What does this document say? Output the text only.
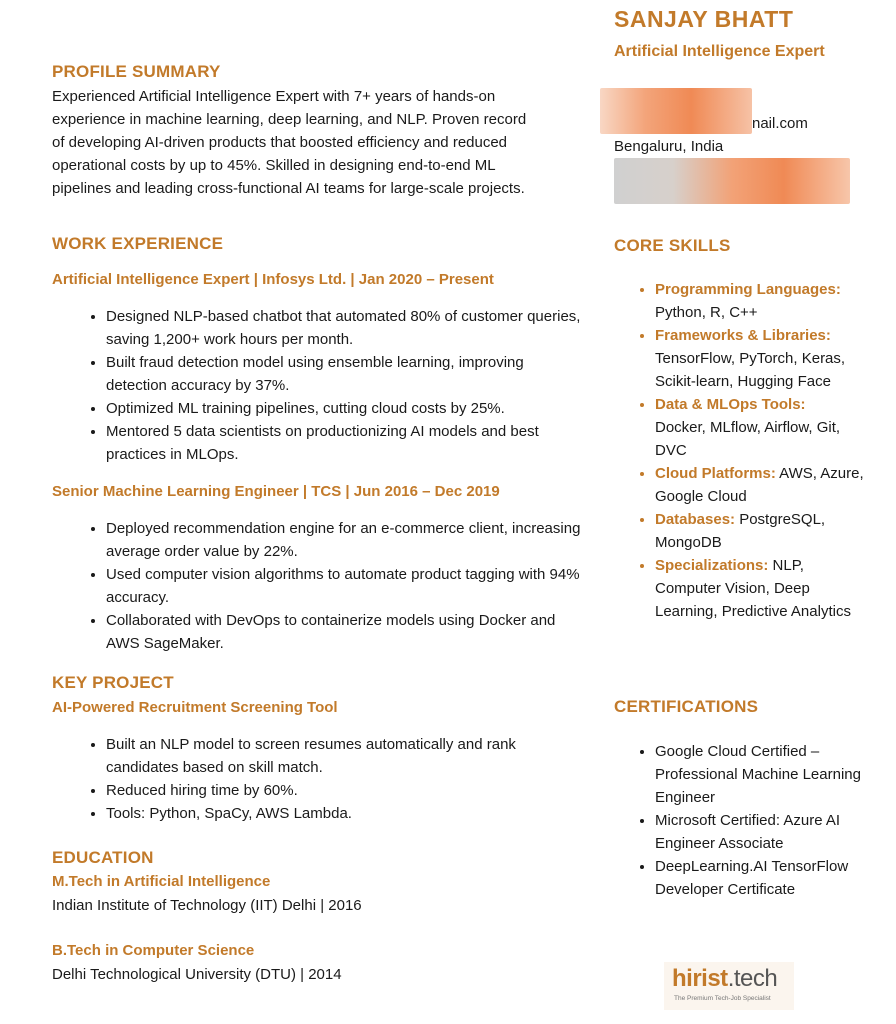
SANJAY BHATT
Artificial Intelligence Expert
nail.com
Bengaluru, India
PROFILE SUMMARY
Experienced Artificial Intelligence Expert with 7+ years of hands-on
experience in machine learning, deep learning, and NLP. Proven record
of developing AI-driven products that boosted efficiency and reduced
operational costs by up to 45%. Skilled in designing end-to-end ML
pipelines and leading cross-functional AI teams for large-scale projects.
WORK EXPERIENCE
Artificial Intelligence Expert | Infosys Ltd. | Jan 2020 – Present
• Designed NLP-based chatbot that automated 80% of customer queries, saving 1,200+ work hours per month.
• Built fraud detection model using ensemble learning, improving detection accuracy by 37%.
• Optimized ML training pipelines, cutting cloud costs by 25%.
• Mentored 5 data scientists on productionizing AI models and best practices in MLOps.
Senior Machine Learning Engineer | TCS | Jun 2016 – Dec 2019
• Deployed recommendation engine for an e-commerce client, increasing average order value by 22%.
• Used computer vision algorithms to automate product tagging with 94% accuracy.
• Collaborated with DevOps to containerize models using Docker and AWS SageMaker.
KEY PROJECT
AI-Powered Recruitment Screening Tool
• Built an NLP model to screen resumes automatically and rank candidates based on skill match.
• Reduced hiring time by 60%.
• Tools: Python, SpaCy, AWS Lambda.
EDUCATION
M.Tech in Artificial Intelligence
Indian Institute of Technology (IIT) Delhi | 2016
B.Tech in Computer Science
Delhi Technological University (DTU) | 2014
CORE SKILLS
• Programming Languages:
Python, R, C++
• Frameworks & Libraries:
TensorFlow, PyTorch, Keras, Scikit-learn, Hugging Face
• Data & MLOps Tools:
Docker, MLflow, Airflow, Git, DVC
• Cloud Platforms: AWS, Azure, Google Cloud
• Databases: PostgreSQL, MongoDB
• Specializations: NLP, Computer Vision, Deep Learning, Predictive Analytics
CERTIFICATIONS
• Google Cloud Certified – Professional Machine Learning Engineer
• Microsoft Certified: Azure AI Engineer Associate
• DeepLearning.AI TensorFlow Developer Certificate
hirist.tech
The Premium Tech-Job Specialist
